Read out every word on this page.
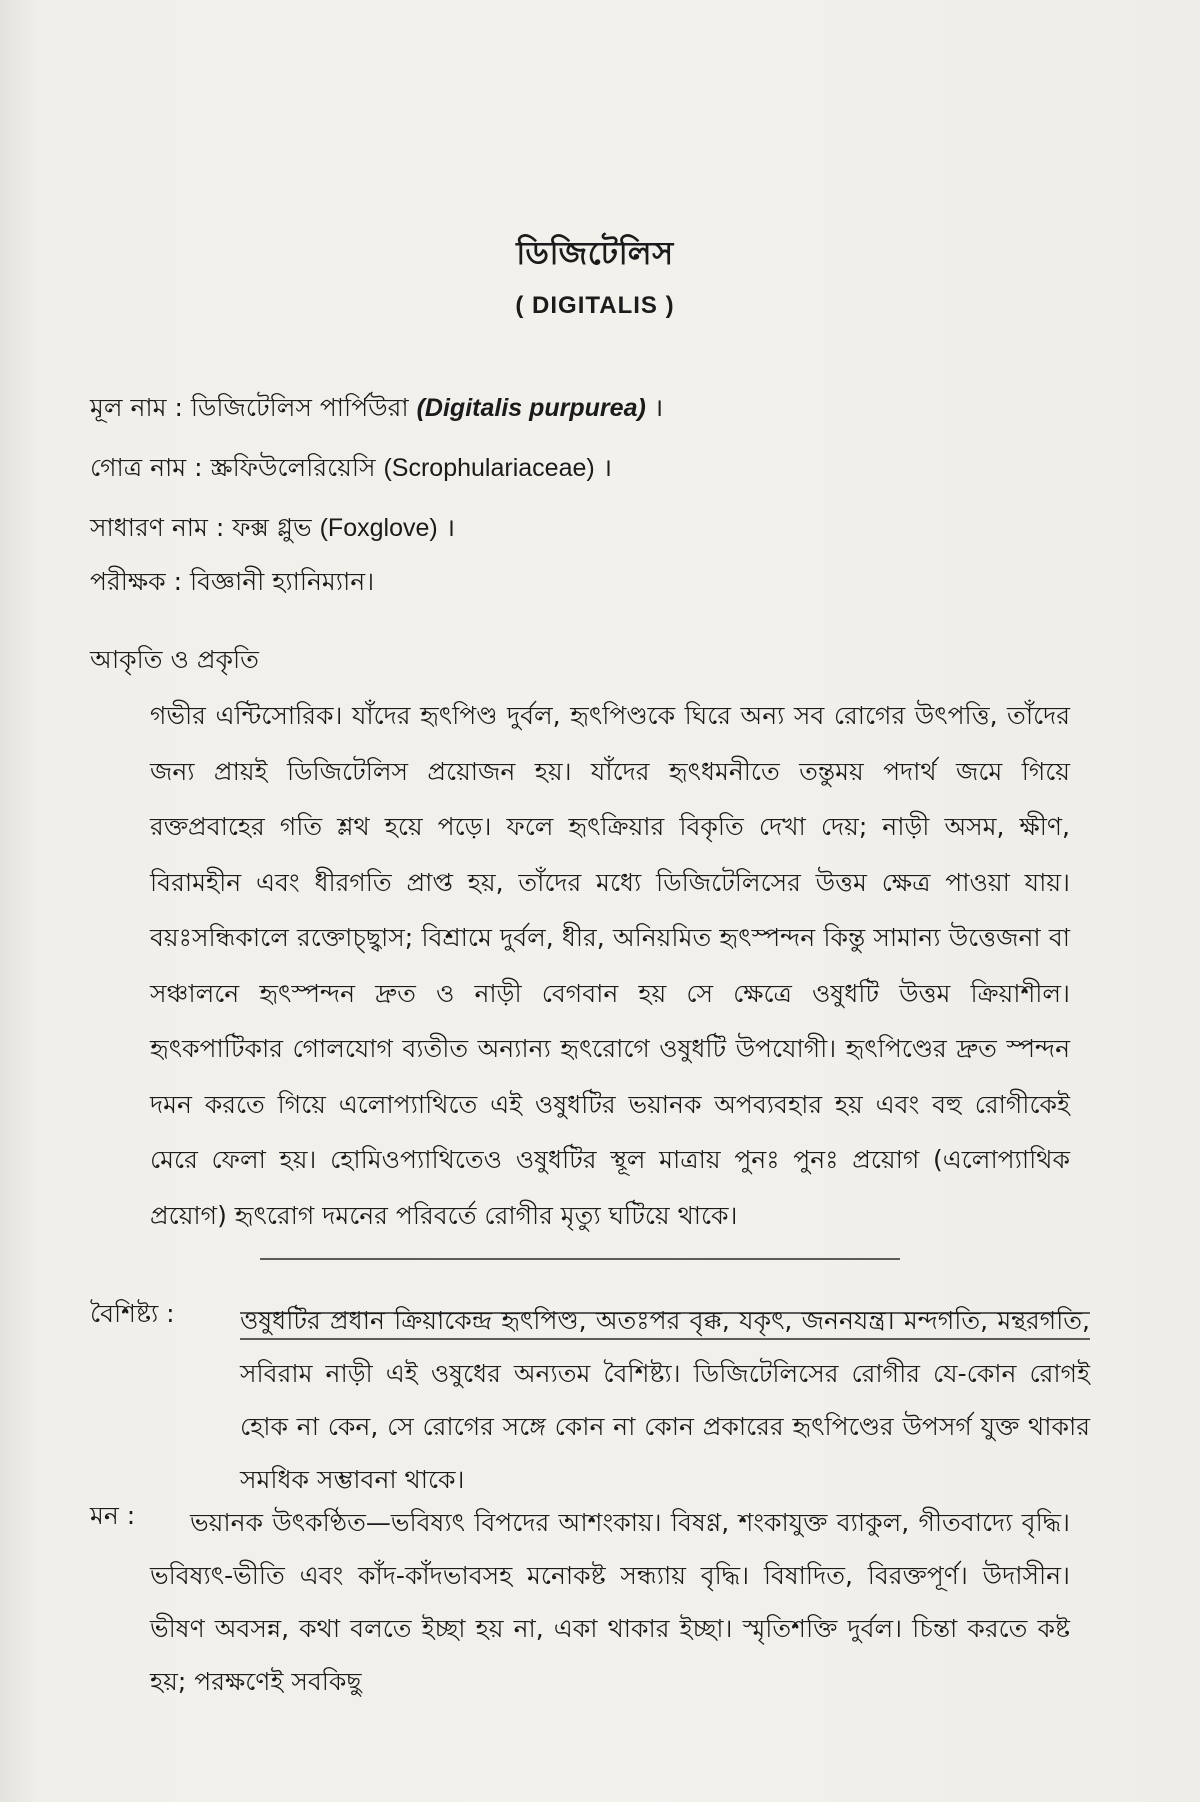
ডিজিটেলিস
( DIGITALIS )
মূল নাম : ডিজিটেলিস পার্পিউরা (Digitalis purpurea) ।
গোত্র নাম : স্ক্রফিউলেরিয়েসি (Scrophulariaceae) ।
সাধারণ নাম : ফক্স গ্লুভ (Foxglove) ।
পরীক্ষক : বিজ্ঞানী হ্যানিম্যান।
আকৃতি ও প্রকৃতি
গভীর এন্টিসোরিক। যাঁদের হৃৎপিণ্ড দুর্বল, হৃৎপিণ্ডকে ঘিরে অন্য সব রোগের উৎপত্তি, তাঁদের জন্য প্রায়ই ডিজিটেলিস প্রয়োজন হয়। যাঁদের হৃৎধমনীতে তন্তুময় পদার্থ জমে গিয়ে রক্তপ্রবাহের গতি শ্লথ হয়ে পড়ে। ফলে হৃৎক্রিয়ার বিকৃতি দেখা দেয়; নাড়ী অসম, ক্ষীণ, বিরামহীন এবং ধীরগতি প্রাপ্ত হয়, তাঁদের মধ্যে ডিজিটেলিসের উত্তম ক্ষেত্র পাওয়া যায়। বয়ঃসন্ধিকালে রক্তোচ্ছ্বাস; বিশ্রামে দুর্বল, ধীর, অনিয়মিত হৃৎস্পন্দন কিন্তু সামান্য উত্তেজনা বা সঞ্চালনে হৃৎস্পন্দন দ্রুত ও নাড়ী বেগবান হয় সে ক্ষেত্রে ওষুধটি উত্তম ক্রিয়াশীল। হৃৎকপাটিকার গোলযোগ ব্যতীত অন্যান্য হৃৎরোগে ওষুধটি উপযোগী। হৃৎপিণ্ডের দ্রুত স্পন্দন দমন করতে গিয়ে এলোপ্যাথিতে এই ওষুধটির ভয়ানক অপব্যবহার হয় এবং বহু রোগীকেই মেরে ফেলা হয়। হোমিওপ্যাথিতেও ওষুধটির স্থূল মাত্রায় পুনঃ পুনঃ প্রয়োগ (এলোপ্যাথিক প্রয়োগ) হৃৎরোগ দমনের পরিবর্তে রোগীর মৃত্যু ঘটিয়ে থাকে।
বৈশিষ্ট্য :	ওষুধটির প্রধান ক্রিয়াকেন্দ্র হৃৎপিণ্ড, অতঃপর বৃক্ক, যকৃৎ, জননযন্ত্র। মন্দগতি, মন্থরগতি, সবিরাম নাড়ী এই ওষুধের অন্যতম বৈশিষ্ট্য। ডিজিটেলিসের রোগীর যে-কোন রোগই হোক না কেন, সে রোগের সঙ্গে কোন না কোন প্রকারের হৃৎপিণ্ডের উপসর্গ যুক্ত থাকার সমধিক সম্ভাবনা থাকে।
মন :	ভয়ানক উৎকণ্ঠিত—ভবিষ্যৎ বিপদের আশংকায়। বিষণ্ণ, শংকাযুক্ত ব্যাকুল, গীতবাদ্যে বৃদ্ধি। ভবিষ্যৎ-ভীতি এবং কাঁদ-কাঁদভাবসহ মনোকষ্ট সন্ধ্যায় বৃদ্ধি। বিষাদিত, বিরক্তপূর্ণ। উদাসীন। ভীষণ অবসন্ন, কথা বলতে ইচ্ছা হয় না, একা থাকার ইচ্ছা। স্মৃতিশক্তি দুর্বল। চিন্তা করতে কষ্ট হয়; পরক্ষণেই সবকিছু
